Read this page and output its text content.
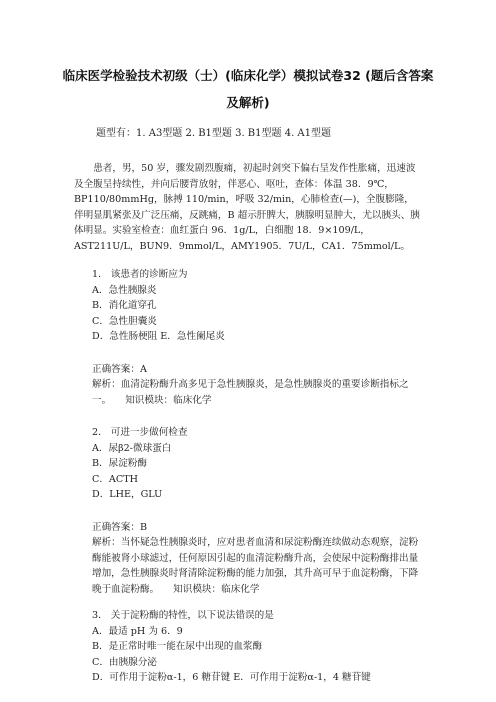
临床医学检验技术初级（士）(临床化学）模拟试卷32 (题后含答案
及解析)
题型有：1. A3型题 2. B1型题 3. B1型题 4. A1型题

患者，男，50 岁，骤发剧烈腹痛，初起时剑突下偏右呈发作性胀痛，迅速波及全腹呈持续性，并向后腰背放射，伴恶心、呕吐，查体：体温 38．9℃，BP110/80mmHg，脉搏 110/min，呼吸 32/min，心肺检查(—)，全腹膨隆，伴明显肌紧张及广泛压痛，反跳痛，B 超示肝脾大，胰腺明显肿大，尤以胰头、胰体明显。实验室检查：血红蛋白 96．1g/L，白细胞 18．9×109/L，AST211U/L，BUN9．9mmol/L，AMY1905．7U/L，CA1．75mmol/L。

1． 该患者的诊断应为

A．急性胰腺炎

B．消化道穿孔

C．急性胆囊炎

D．急性肠梗阻 E．急性阑尾炎

正确答案：A

解析：血清淀粉酶升高多见于急性胰腺炎，是急性胰腺炎的重要诊断指标之一。 知识模块：临床化学

2． 可进一步做何检查

A．尿β2-微球蛋白

B．尿淀粉酶

C．ACTH

D．LHE，GLU

正确答案：B

解析：当怀疑急性胰腺炎时，应对患者血清和尿淀粉酶连续做动态观察，淀粉酶能被肾小球滤过，任何原因引起的血清淀粉酶升高，会使尿中淀粉酶排出量增加，急性胰腺炎时肾清除淀粉酶的能力加强，其升高可早于血淀粉酶，下降晚于血淀粉酶。 知识模块：临床化学

3． 关于淀粉酶的特性，以下说法错误的是

A．最适 pH 为 6．9

B．是正常时唯一能在尿中出现的血浆酶

C．由胰腺分泌

D．可作用于淀粉α-1，6 糖苷键 E．可作用于淀粉α-1，4 糖苷键
